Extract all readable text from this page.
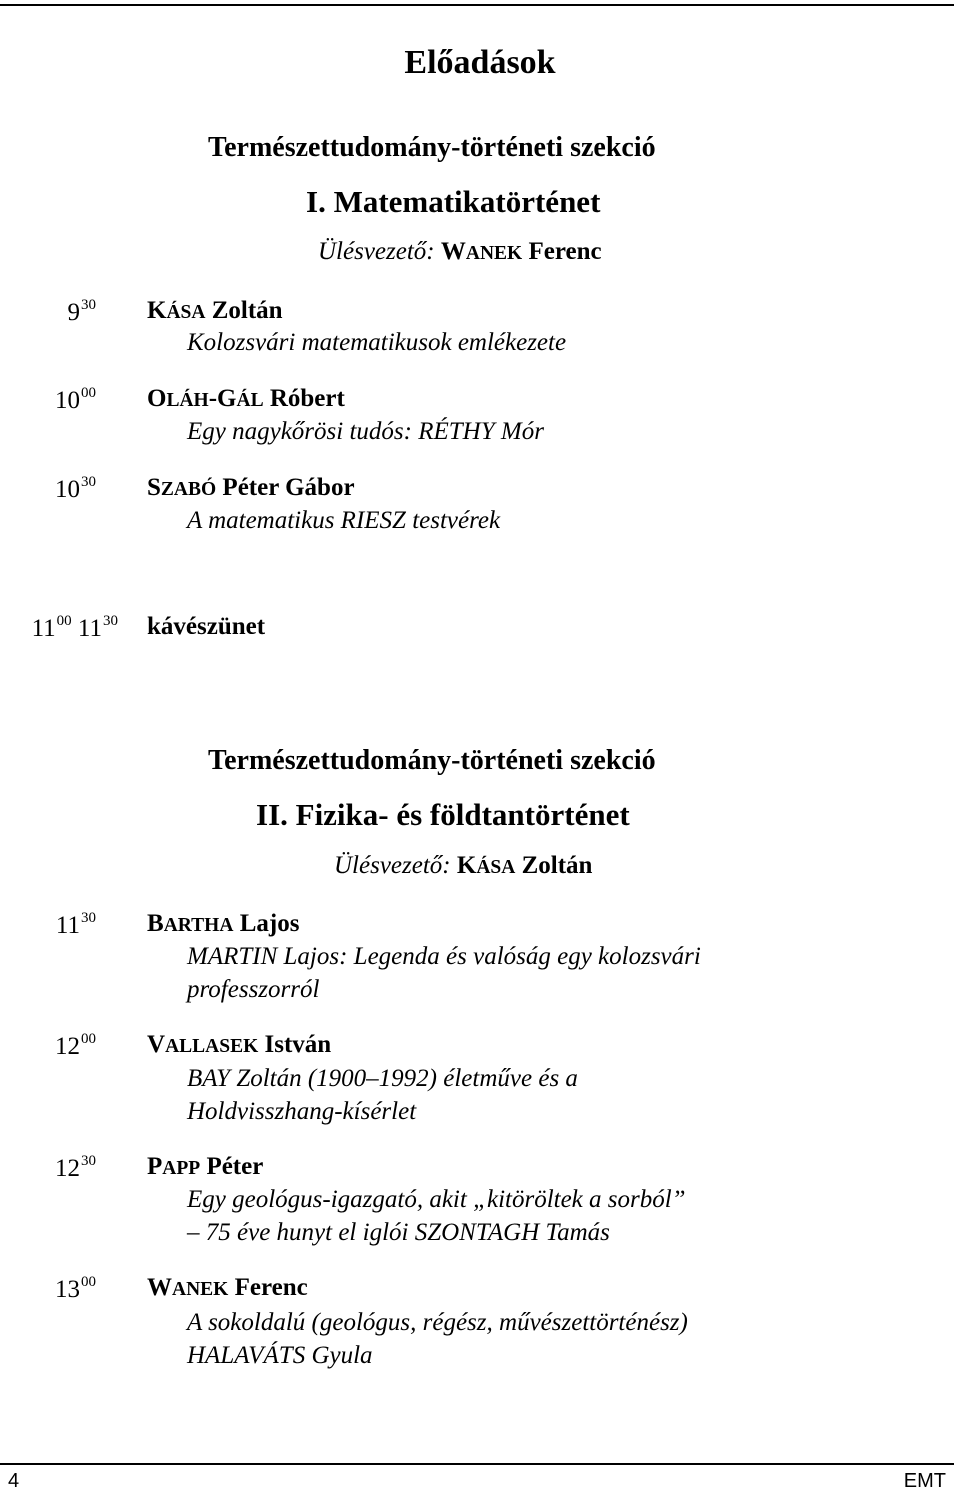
Előadások
Természettudomány-történeti szekció
I. Matematikatörténet
Ülésvezető: WANEK Ferenc
$9^{30}$ KÁSA Zoltán
Kolozsvári matematikusok emlékezete
$10^{00}$ OLÁH-GÁL Róbert
Egy nagykőrösi tudós: RÉTHY Mór
$10^{30}$ SZABÓ Péter Gábor
A matematikus RIESZ testvérek
$11^{00}$ $11^{30}$ kávészünet
Természettudomány-történeti szekció
II. Fizika- és földtantörténet
Ülésvezető: KÁSA Zoltán
$11^{30}$ BARTHA Lajos
MARTIN Lajos: Legenda és valóság egy kolozsvári
professzorról
$12^{00}$ VALLASEK István
BAY Zoltán (1900–1992) életműve és a
Holdvisszhang-kísérlet
$12^{30}$ PAPP Péter
Egy geológus-igazgató, akit „kitöröltek a sorból”
– 75 éve hunyt el iglói SZONTAGH Tamás
$13^{00}$ WANEK Ferenc
A sokoldalú (geológus, régész, művészettörténész)
HALAVÁTS Gyula
4	EMT
